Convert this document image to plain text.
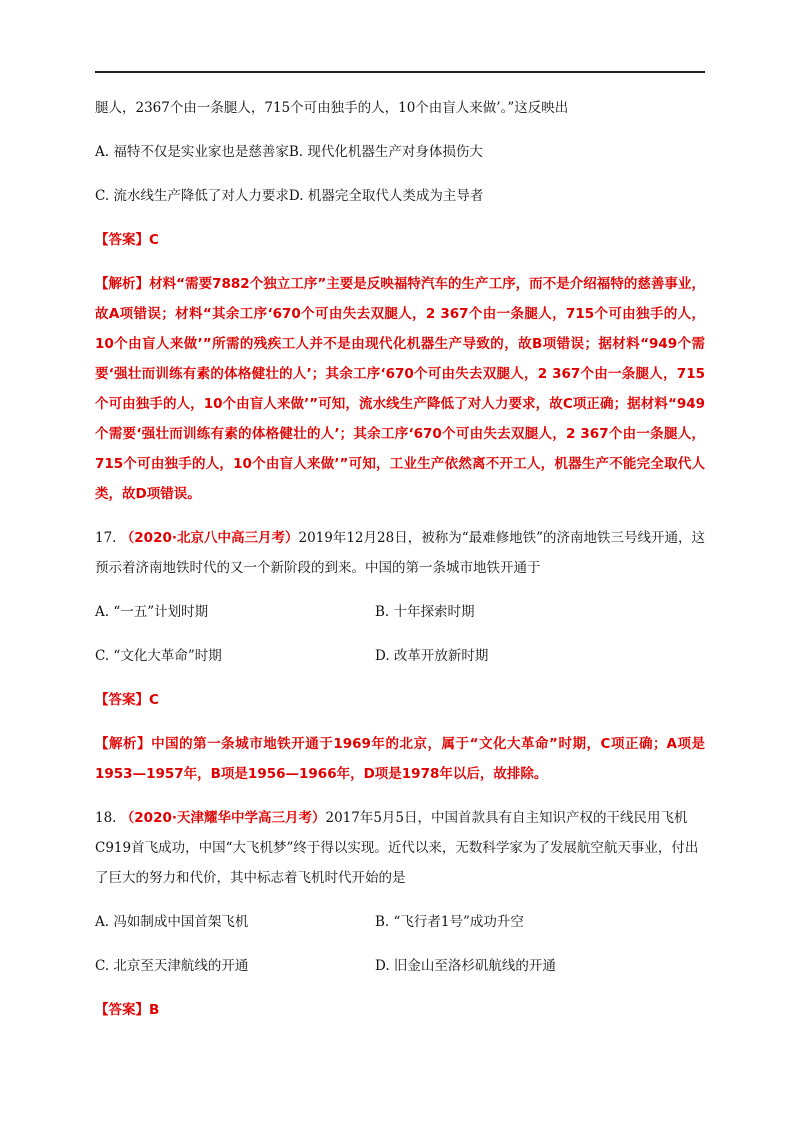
腿人，2367个由一条腿人，715个可由独手的人，10个由盲人来做’。”这反映出

A. 福特不仅是实业家也是慈善家B. 现代化机器生产对身体损伤大

C. 流水线生产降低了对人力要求D. 机器完全取代人类成为主导者

【答案】C
【解析】材料“需要7882个独立工序”主要是反映福特汽车的生产工序，而不是介绍福特的慈善事业，故A项错误；材料“其余工序‘670个可由失去双腿人，2 367个由一条腿人，715个可由独手的人，10个由盲人来做’”所需的残疾工人并不是由现代化机器生产导致的，故B项错误；据材料“949个需要‘强壮而训练有素的体格健壮的人’；其余工序‘670个可由失去双腿人，2 367个由一条腿人，715个可由独手的人，10个由盲人来做’”可知，流水线生产降低了对人力要求，故C项正确；据材料“949个需要‘强壮而训练有素的体格健壮的人’；其余工序‘670个可由失去双腿人，2 367个由一条腿人，715个可由独手的人，10个由盲人来做’”可知，工业生产依然离不开工人，机器生产不能完全取代人类，故D项错误。

17. （2020·北京八中高三月考）2019年12月28日，被称为“最难修地铁”的济南地铁三号线开通，这预示着济南地铁时代的又一个新阶段的到来。中国的第一条城市地铁开通于

A. “一五”计划时期	B. 十年探索时期
C. “文化大革命”时期	D. 改革开放新时期
【答案】C
【解析】中国的第一条城市地铁开通于1969年的北京，属于“文化大革命”时期，C项正确；A项是1953—1957年，B项是1956—1966年，D项是1978年以后，故排除。

18. （2020·天津耀华中学高三月考）2017年5月5日，中国首款具有自主知识产权的干线民用飞机C919首飞成功，中国“大飞机梦”终于得以实现。近代以来，无数科学家为了发展航空航天事业，付出了巨大的努力和代价，其中标志着飞机时代开始的是

A. 冯如制成中国首架飞机	B. “飞行者1号”成功升空
C. 北京至天津航线的开通	D. 旧金山至洛杉矶航线的开通
【答案】B
